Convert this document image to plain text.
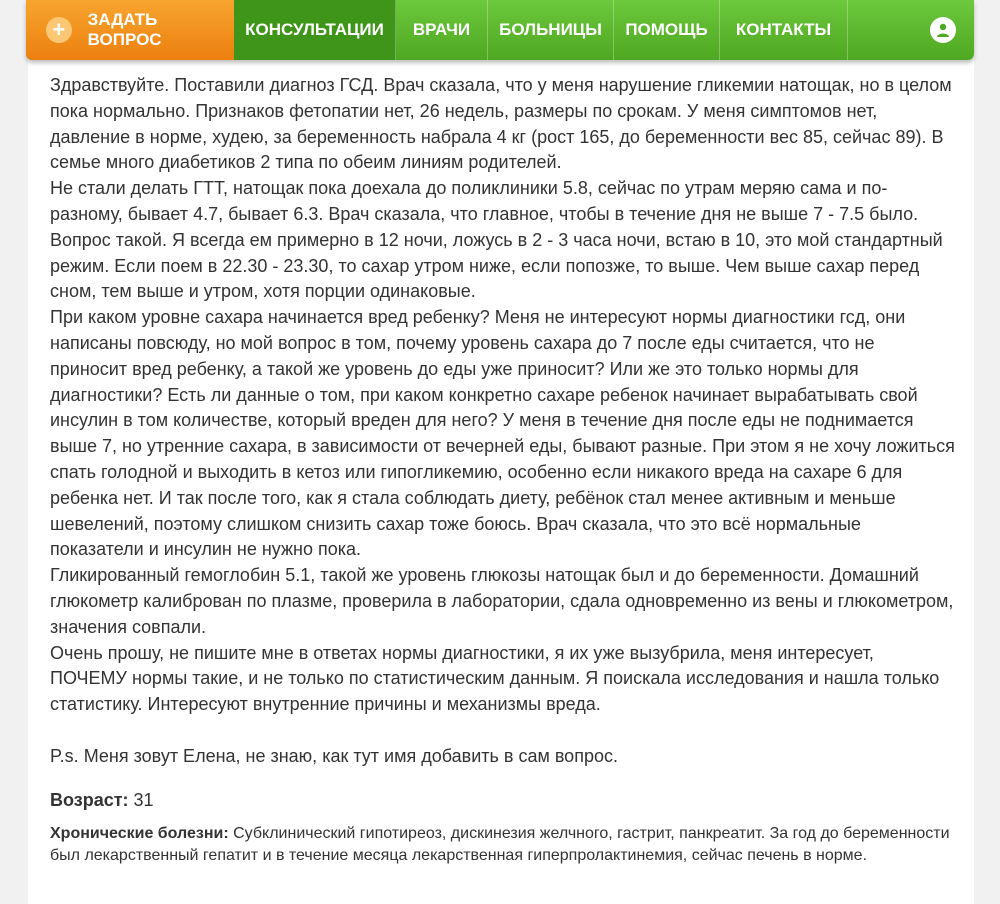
+	ЗАДАТЬ ВОПРОС
КОНСУЛЬТАЦИИ	ВРАЧИ	БОЛЬНИЦЫ	ПОМОЩЬ	КОНТАКТЫ

Здравствуйте. Поставили диагноз ГСД. Врач сказала, что у меня нарушение гликемии натощак, но в целом пока нормально. Признаков фетопатии нет, 26 недель, размеры по срокам. У меня симптомов нет, давление в норме, худею, за беременность набрала 4 кг (рост 165, до беременности вес 85, сейчас 89). В семье много диабетиков 2 типа по обеим линиям родителей.

Не стали делать ГТТ, натощак пока доехала до поликлиники 5.8, сейчас по утрам меряю сама и по-разному, бывает 4.7, бывает 6.3. Врач сказала, что главное, чтобы в течение дня не выше 7 - 7.5 было.

Вопрос такой. Я всегда ем примерно в 12 ночи, ложусь в 2 - 3 часа ночи, встаю в 10, это мой стандартный режим. Если поем в 22.30 - 23.30, то сахар утром ниже, если попозже, то выше. Чем выше сахар перед сном, тем выше и утром, хотя порции одинаковые.

При каком уровне сахара начинается вред ребенку? Меня не интересуют нормы диагностики гсд, они написаны повсюду, но мой вопрос в том, почему уровень сахара до 7 после еды считается, что не приносит вред ребенку, а такой же уровень до еды уже приносит? Или же это только нормы для диагностики? Есть ли данные о том, при каком конкретно сахаре ребенок начинает вырабатывать свой инсулин в том количестве, который вреден для него? У меня в течение дня после еды не поднимается выше 7, но утренние сахара, в зависимости от вечерней еды, бывают разные. При этом я не хочу ложиться спать голодной и выходить в кетоз или гипогликемию, особенно если никакого вреда на сахаре 6 для ребенка нет. И так после того, как я стала соблюдать диету, ребёнок стал менее активным и меньше шевелений, поэтому слишком снизить сахар тоже боюсь. Врач сказала, что это всё нормальные показатели и инсулин не нужно пока.

Гликированный гемоглобин 5.1, такой же уровень глюкозы натощак был и до беременности. Домашний глюкометр калиброван по плазме, проверила в лаборатории, сдала одновременно из вены и глюкометром, значения совпали.

Очень прошу, не пишите мне в ответах нормы диагностики, я их уже вызубрила, меня интересует, ПОЧЕМУ нормы такие, и не только по статистическим данным. Я поискала исследования и нашла только статистику. Интересуют внутренние причины и механизмы вреда.

P.s. Меня зовут Елена, не знаю, как тут имя добавить в сам вопрос.

Возраст: 31
Хронические болезни: Субклинический гипотиреоз, дискинезия желчного, гастрит, панкреатит. За год до беременности был лекарственный гепатит и в течение месяца лекарственная гиперпролактинемия, сейчас печень в норме.
